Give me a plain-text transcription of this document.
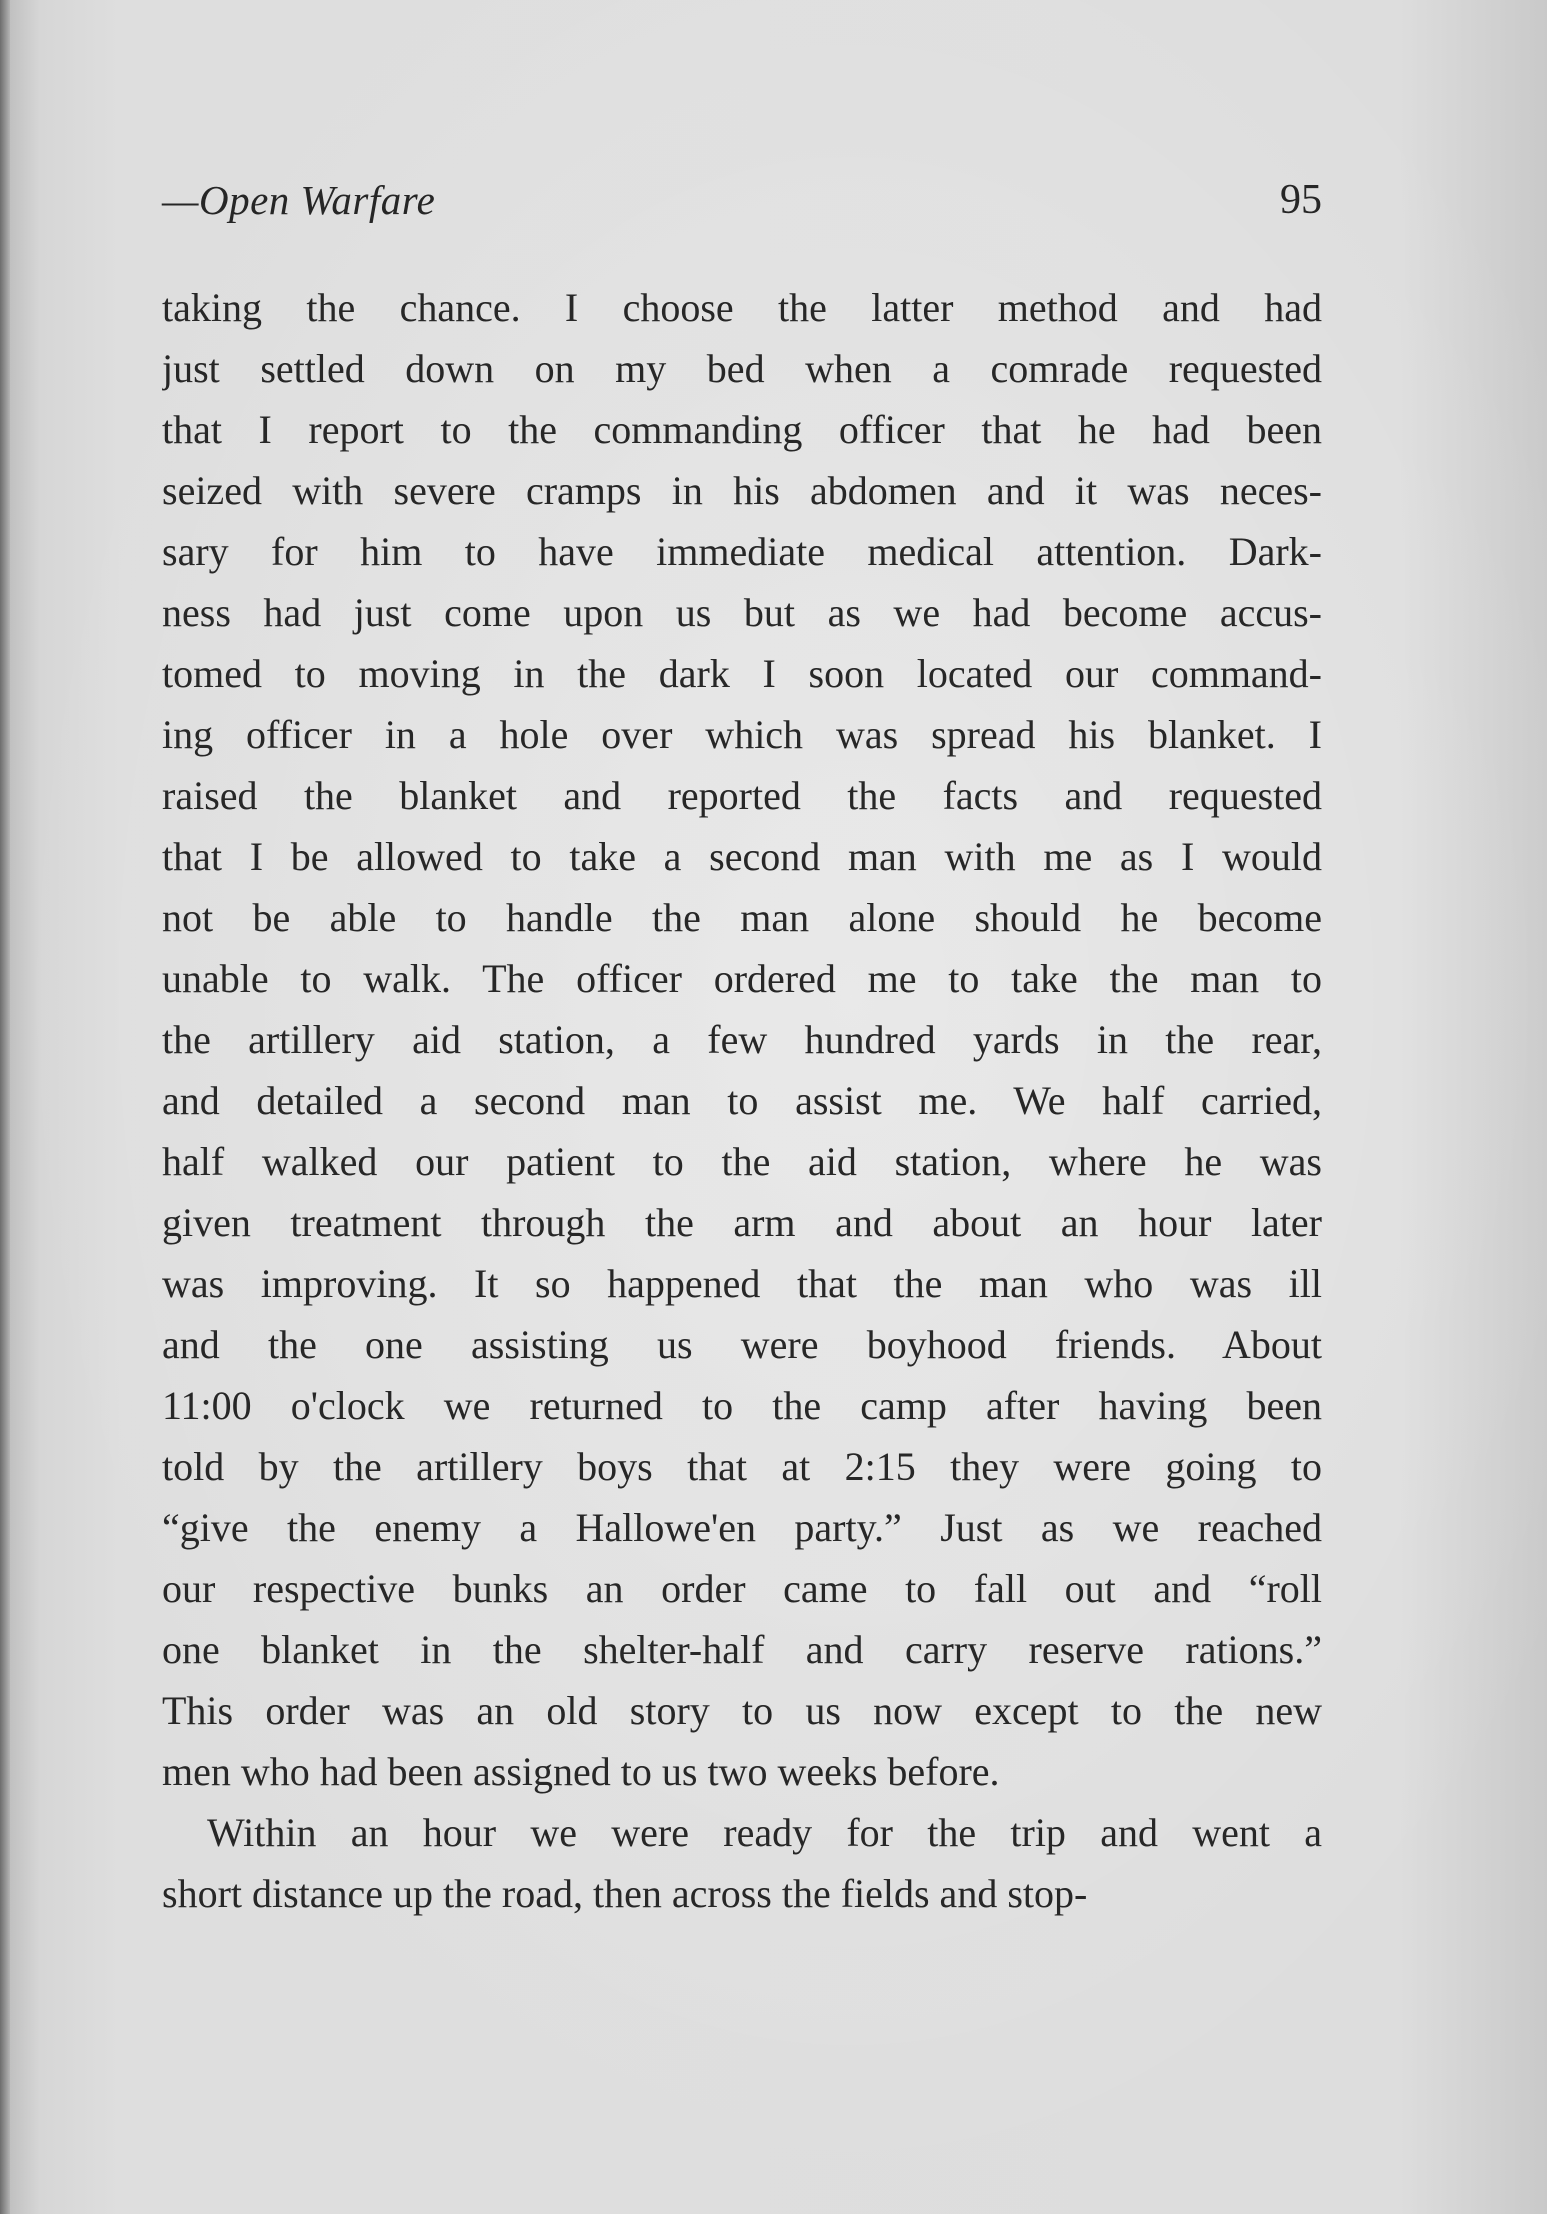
—Open Warfare	95
taking the chance. I choose the latter method and had
just settled down on my bed when a comrade requested
that I report to the commanding officer that he had been
seized with severe cramps in his abdomen and it was neces-
sary for him to have immediate medical attention. Dark-
ness had just come upon us but as we had become accus-
tomed to moving in the dark I soon located our command-
ing officer in a hole over which was spread his blanket. I
raised the blanket and reported the facts and requested
that I be allowed to take a second man with me as I would
not be able to handle the man alone should he become
unable to walk. The officer ordered me to take the man to
the artillery aid station, a few hundred yards in the rear,
and detailed a second man to assist me. We half carried,
half walked our patient to the aid station, where he was
given treatment through the arm and about an hour later
was improving. It so happened that the man who was ill
and the one assisting us were boyhood friends. About
11:00 o'clock we returned to the camp after having been
told by the artillery boys that at 2:15 they were going to
“give the enemy a Hallowe'en party.” Just as we reached
our respective bunks an order came to fall out and “roll
one blanket in the shelter-half and carry reserve rations.”
This order was an old story to us now except to the new
men who had been assigned to us two weeks before.
Within an hour we were ready for the trip and went a
short distance up the road, then across the fields and stop-
